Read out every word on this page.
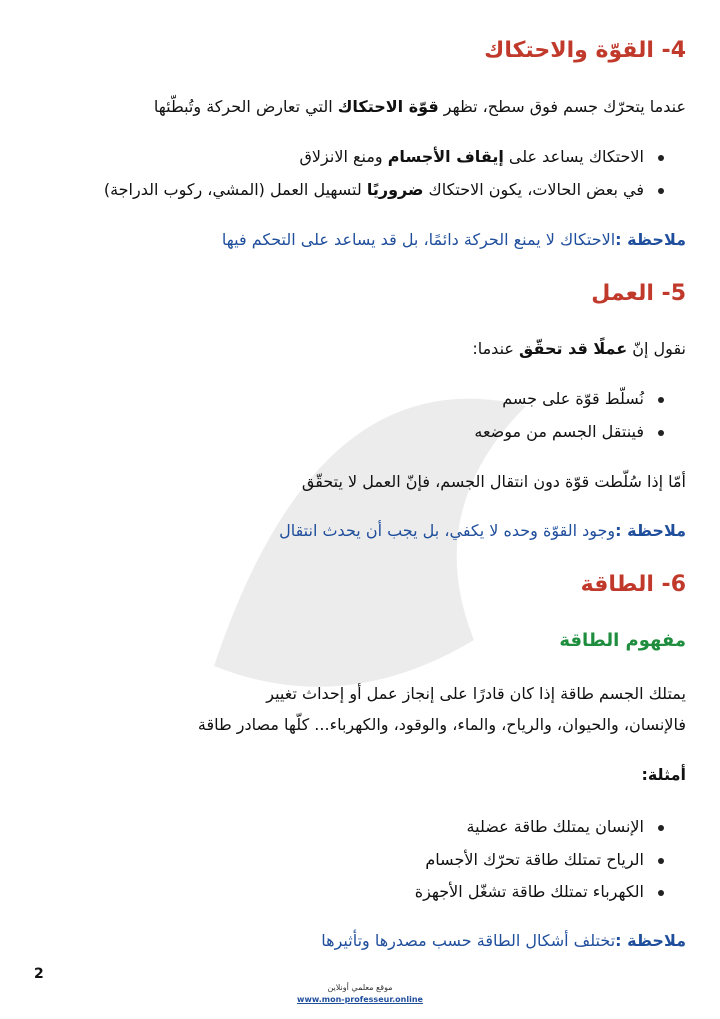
4- القوّة والاحتكاك
عندما يتحرّك جسم فوق سطح، تظهر قوّة الاحتكاك التي تعارض الحركة وتُبطّئها
الاحتكاك يساعد على إيقاف الأجسام ومنع الانزلاق
في بعض الحالات، يكون الاحتكاك ضروريًا لتسهيل العمل (المشي، ركوب الدراجة)
ملاحظة :الاحتكاك لا يمنع الحركة دائمًا، بل قد يساعد على التحكم فيها
5- العمل
نقول إنّ عملًا قد تحقّق عندما:
نُسلّط قوّة على جسم
فينتقل الجسم من موضعه
أمّا إذا سُلّطت قوّة دون انتقال الجسم، فإنّ العمل لا يتحقّق
ملاحظة :وجود القوّة وحده لا يكفي، بل يجب أن يحدث انتقال
6- الطاقة
مفهوم الطاقة
يمتلك الجسم طاقة إذا كان قادرًا على إنجاز عمل أو إحداث تغيير
فالإنسان، والحيوان، والرياح، والماء، والوقود، والكهرباء... كلّها مصادر طاقة
أمثلة:
الإنسان يمتلك طاقة عضلية
الرياح تمتلك طاقة تحرّك الأجسام
الكهرباء تمتلك طاقة تشغّل الأجهزة
ملاحظة :تختلف أشكال الطاقة حسب مصدرها وتأثيرها
2
موقع معلمي أونلاين
www.mon-professeur.online
